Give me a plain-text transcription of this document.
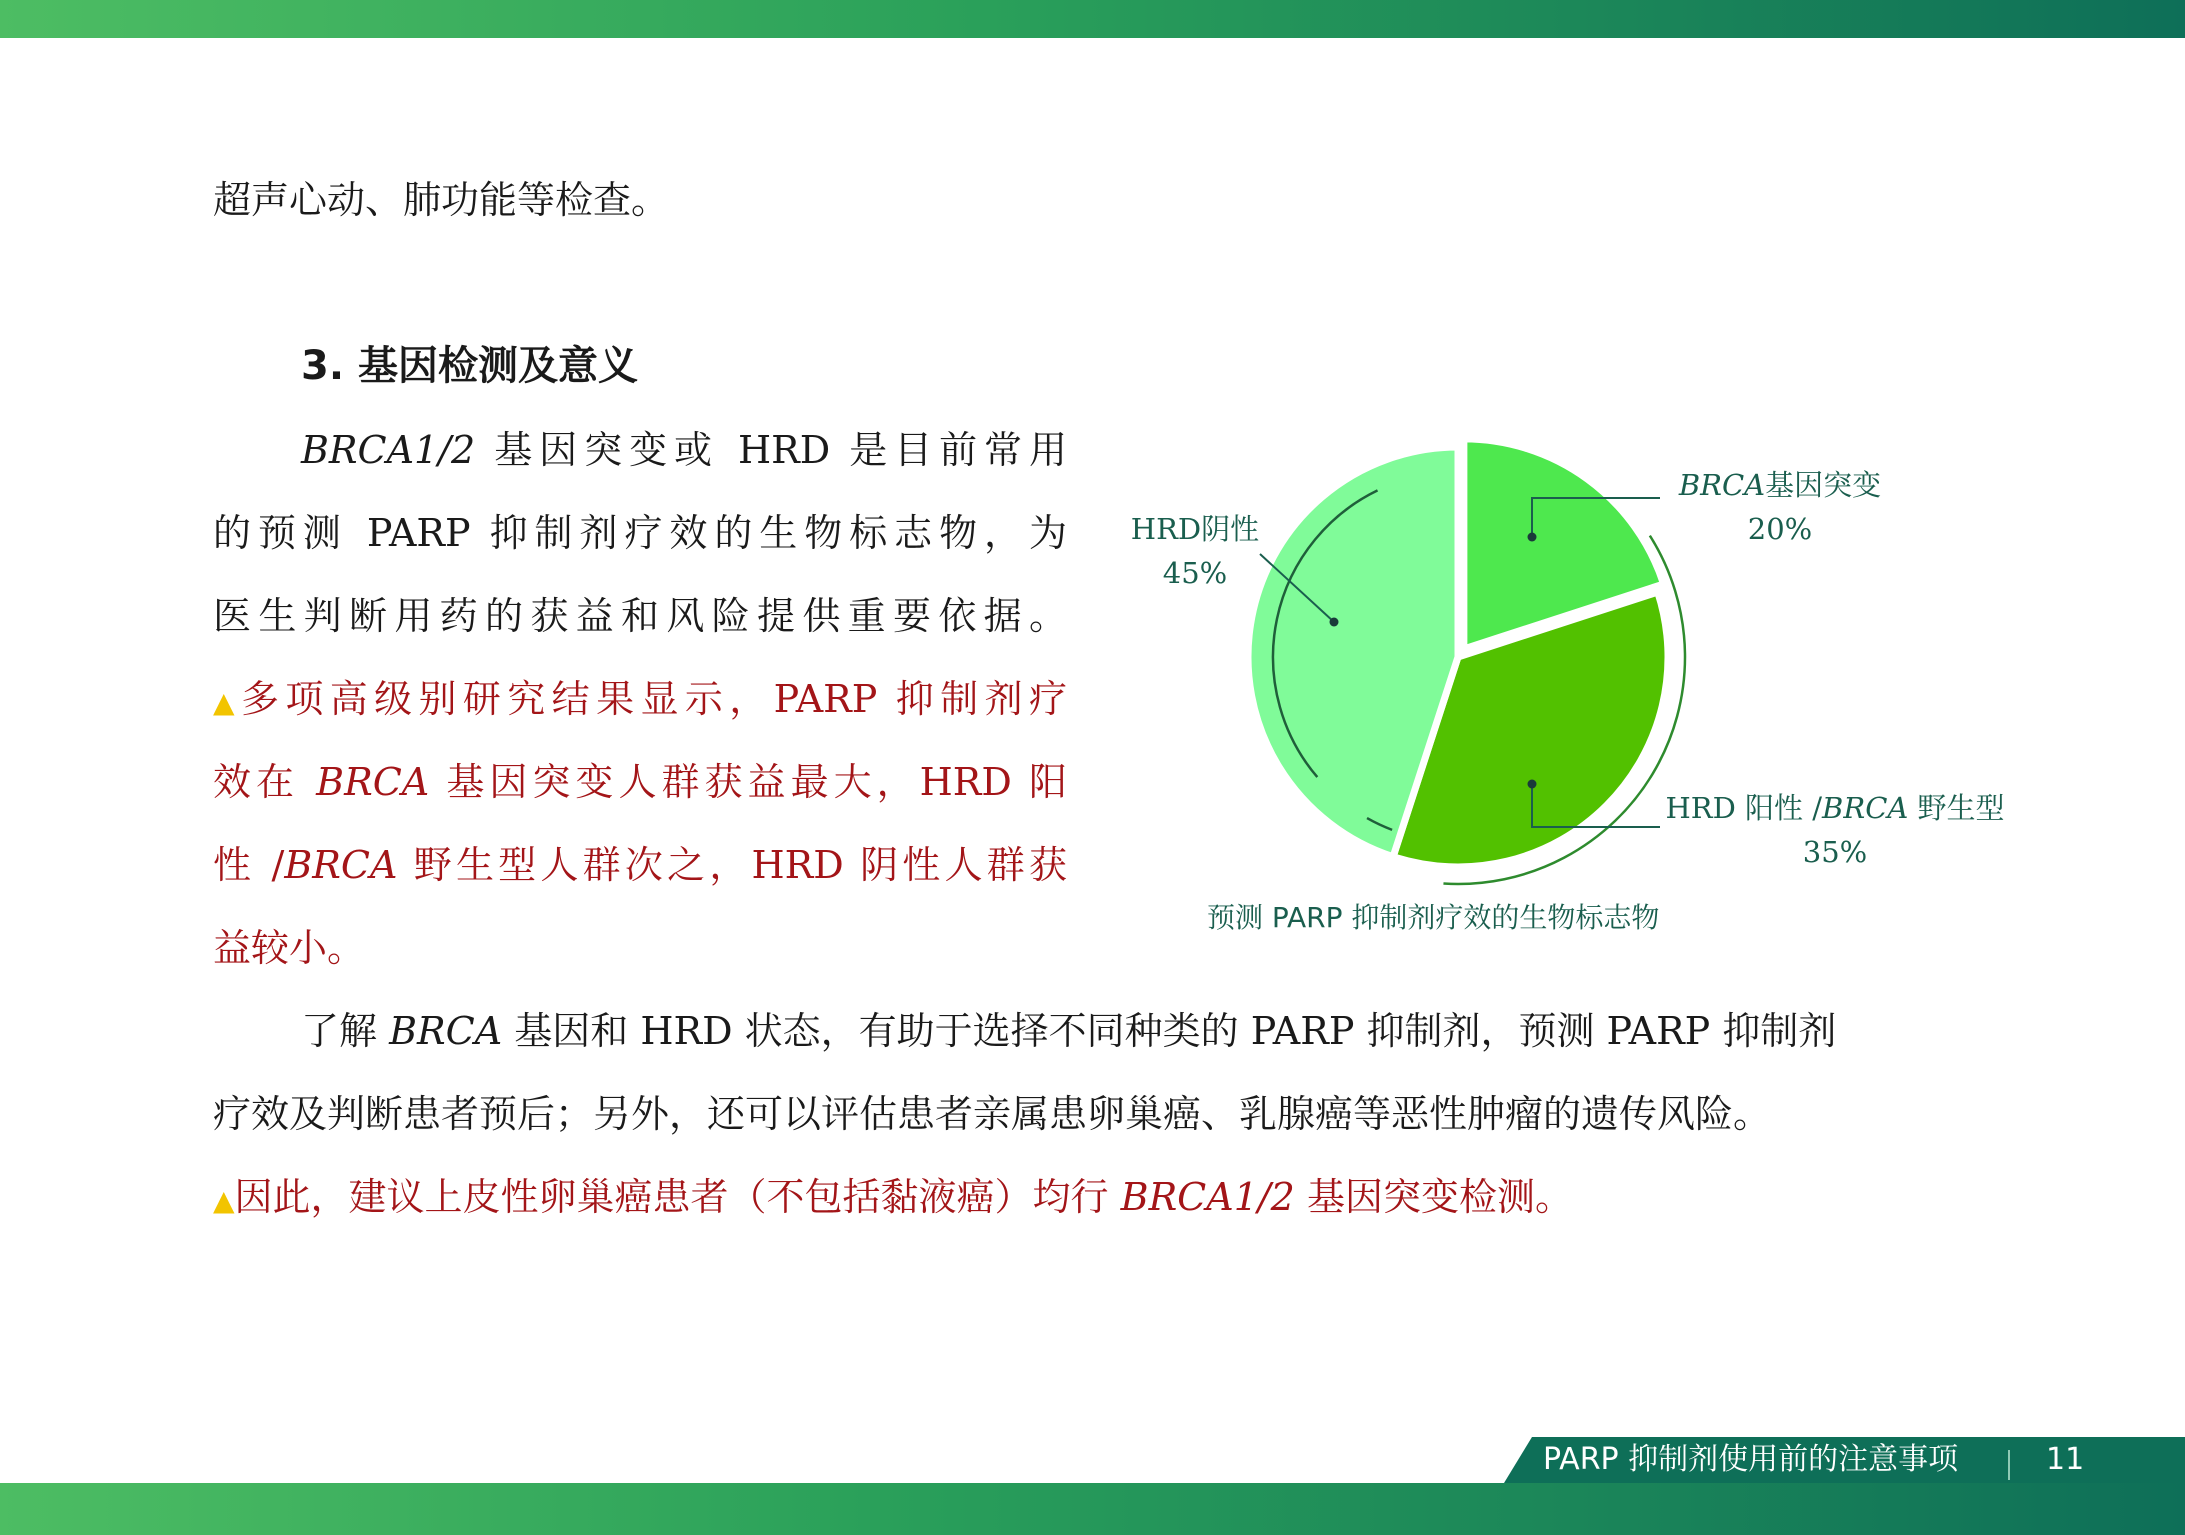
超声心动、肺功能等检查。
3. 基因检测及意义
BRCA1/2 基因突变或 HRD 是目前常用
的预测 PARP 抑制剂疗效的生物标志物，为
医生判断用药的获益和风险提供重要依据。
▲多项高级别研究结果显示，PARP 抑制剂疗
效在 BRCA 基因突变人群获益最大，HRD 阳
性 /BRCA 野生型人群次之，HRD 阴性人群获
益较小。
了解 BRCA 基因和 HRD 状态，有助于选择不同种类的 PARP 抑制剂，预测 PARP 抑制剂
疗效及判断患者预后；另外，还可以评估患者亲属患卵巢癌、乳腺癌等恶性肿瘤的遗传风险。
▲因此，建议上皮性卵巢癌患者（不包括黏液癌）均行 BRCA1/2 基因突变检测。
BRCA基因突变
20%
HRD阴性
45%
HRD 阳性 /BRCA 野生型
35%
预测 PARP 抑制剂疗效的生物标志物
PARP 抑制剂使用前的注意事项	11
